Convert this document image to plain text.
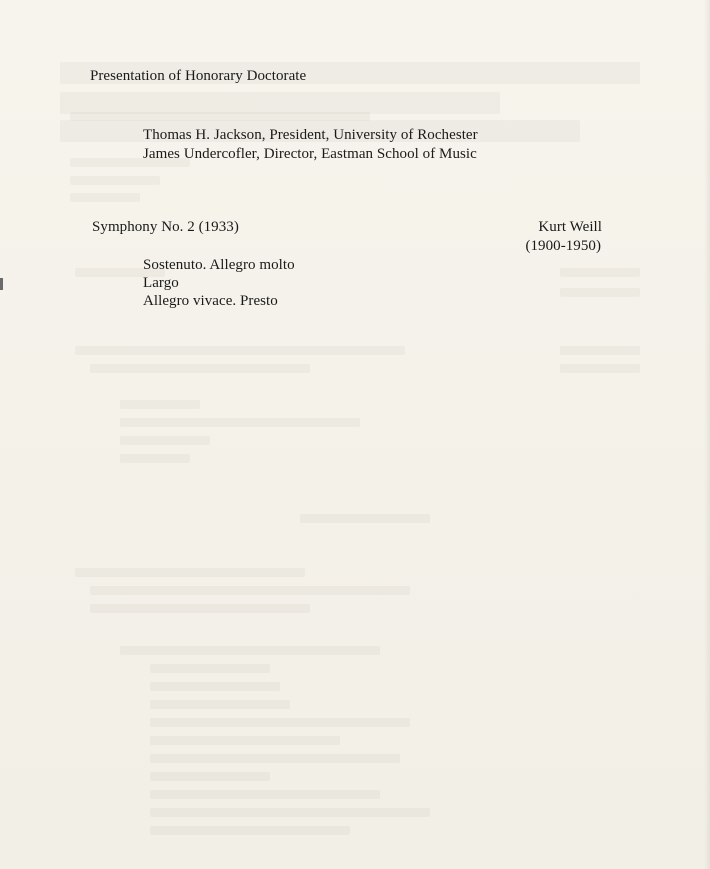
Presentation of Honorary Doctorate
Thomas H. Jackson, President, University of Rochester
James Undercofler, Director, Eastman School of Music
Symphony No. 2 (1933)	Kurt Weill
(1900-1950)
Sostenuto. Allegro molto
Largo
Allegro vivace. Presto
